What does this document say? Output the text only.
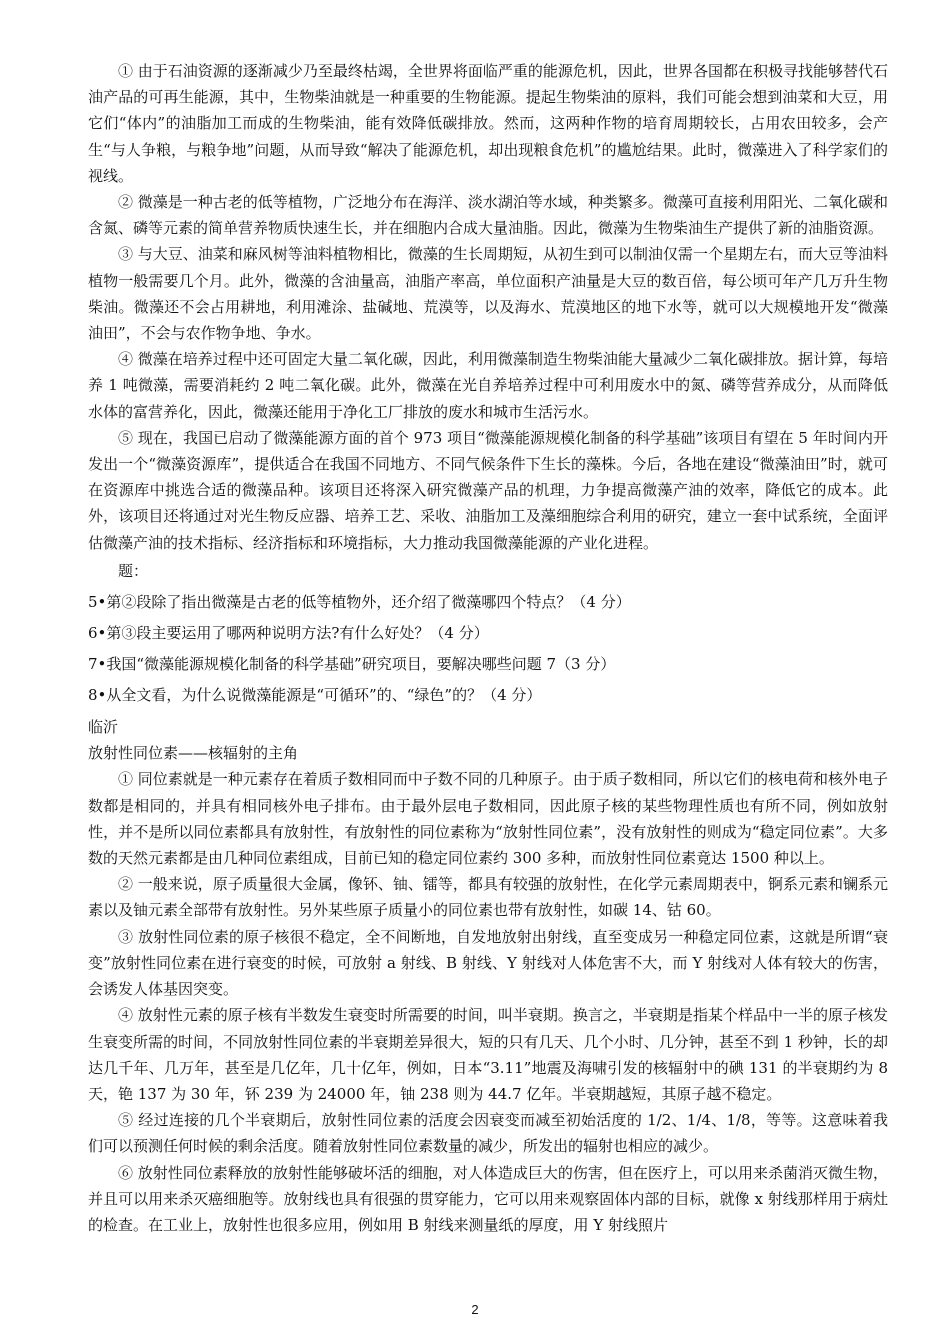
① 由于石油资源的逐渐减少乃至最终枯竭，全世界将面临严重的能源危机，因此，世界各国都在积极寻找能够替代石油产品的可再生能源，其中，生物柴油就是一种重要的生物能源。提起生物柴油的原料，我们可能会想到油菜和大豆，用它们“体内”的油脂加工而成的生物柴油，能有效降低碳排放。然而，这两种作物的培育周期较长，占用农田较多，会产生“与人争粮，与粮争地”问题，从而导致“解决了能源危机，却出现粮食危机”的尴尬结果。此时，微藻进入了科学家们的视线。

② 微藻是一种古老的低等植物，广泛地分布在海洋、淡水湖泊等水域，种类繁多。微藻可直接利用阳光、二氧化碳和含氮、磷等元素的简单营养物质快速生长，并在细胞内合成大量油脂。因此，微藻为生物柴油生产提供了新的油脂资源。

③ 与大豆、油菜和麻风树等油料植物相比，微藻的生长周期短，从初生到可以制油仅需一个星期左右，而大豆等油料植物一般需要几个月。此外，微藻的含油量高，油脂产率高，单位面积产油量是大豆的数百倍，每公顷可年产几万升生物柴油。微藻还不会占用耕地，利用滩涂、盐碱地、荒漠等，以及海水、荒漠地区的地下水等，就可以大规模地开发“微藻油田”，不会与农作物争地、争水。

④ 微藻在培养过程中还可固定大量二氧化碳，因此，利用微藻制造生物柴油能大量减少二氧化碳排放。据计算，每培养 1 吨微藻，需要消耗约 2 吨二氧化碳。此外，微藻在光自养培养过程中可利用废水中的氮、磷等营养成分，从而降低水体的富营养化，因此，微藻还能用于净化工厂排放的废水和城市生活污水。

⑤ 现在，我国已启动了微藻能源方面的首个 973 项目“微藻能源规模化制备的科学基础”该项目有望在 5 年时间内开发出一个“微藻资源库”，提供适合在我国不同地方、不同气候条件下生长的藻株。今后，各地在建设“微藻油田”时，就可在资源库中挑选合适的微藻品种。该项目还将深入研究微藻产品的机理，力争提高微藻产油的效率，降低它的成本。此外，该项目还将通过对光生物反应器、培养工艺、采收、油脂加工及藻细胞综合利用的研究，建立一套中试系统，全面评估微藻产油的技术指标、经济指标和环境指标，大力推动我国微藻能源的产业化进程。

题：

5•第②段除了指出微藻是古老的低等植物外，还介绍了微藻哪四个特点？（4 分）

6•第③段主要运用了哪两种说明方法?有什么好处？（4 分）

7•我国“微藻能源规模化制备的科学基础”研究项目，要解决哪些问题 7（3 分）

8•从全文看，为什么说微藻能源是“可循环”的、“绿色”的？（4 分）

临沂

放射性同位素——核辐射的主角

① 同位素就是一种元素存在着质子数相同而中子数不同的几种原子。由于质子数相同，所以它们的核电荷和核外电子数都是相同的，并具有相同核外电子排布。由于最外层电子数相同，因此原子核的某些物理性质也有所不同，例如放射性，并不是所以同位素都具有放射性，有放射性的同位素称为“放射性同位素”，没有放射性的则成为“稳定同位素”。大多数的天然元素都是由几种同位素组成，目前已知的稳定同位素约 300 多种，而放射性同位素竟达 1500 种以上。

② 一般来说，原子质量很大金属，像钚、铀、镭等，都具有较强的放射性，在化学元素周期表中，锕系元素和镧系元素以及铀元素全部带有放射性。另外某些原子质量小的同位素也带有放射性，如碳 14、钴 60。

③ 放射性同位素的原子核很不稳定，全不间断地，自发地放射出射线，直至变成另一种稳定同位素，这就是所谓“衰变”放射性同位素在进行衰变的时候，可放射 a 射线、Β 射线、Υ 射线对人体危害不大，而 Υ 射线对人体有较大的伤害，会诱发人体基因突变。

④ 放射性元素的原子核有半数发生衰变时所需要的时间，叫半衰期。换言之，半衰期是指某个样品中一半的原子核发生衰变所需的时间，不同放射性同位素的半衰期差异很大，短的只有几天、几个小时、几分钟，甚至不到 1 秒钟，长的却达几千年、几万年，甚至是几亿年，几十亿年，例如，日本“3.11”地震及海啸引发的核辐射中的碘 131 的半衰期约为 8 天，铯 137 为 30 年，钚 239 为 24000 年，铀 238 则为 44.7 亿年。半衰期越短，其原子越不稳定。

⑤ 经过连接的几个半衰期后，放射性同位素的活度会因衰变而减至初始活度的 1/2、1/4、1/8，等等。这意味着我们可以预测任何时候的剩余活度。随着放射性同位素数量的减少，所发出的辐射也相应的减少。

⑥ 放射性同位素释放的放射性能够破坏活的细胞，对人体造成巨大的伤害，但在医疗上，可以用来杀菌消灭微生物，并且可以用来杀灭癌细胞等。放射线也具有很强的贯穿能力，它可以用来观察固体内部的目标，就像 x 射线那样用于病灶的检查。在工业上，放射性也很多应用，例如用 Β 射线来测量纸的厚度，用 Υ 射线照片

2
